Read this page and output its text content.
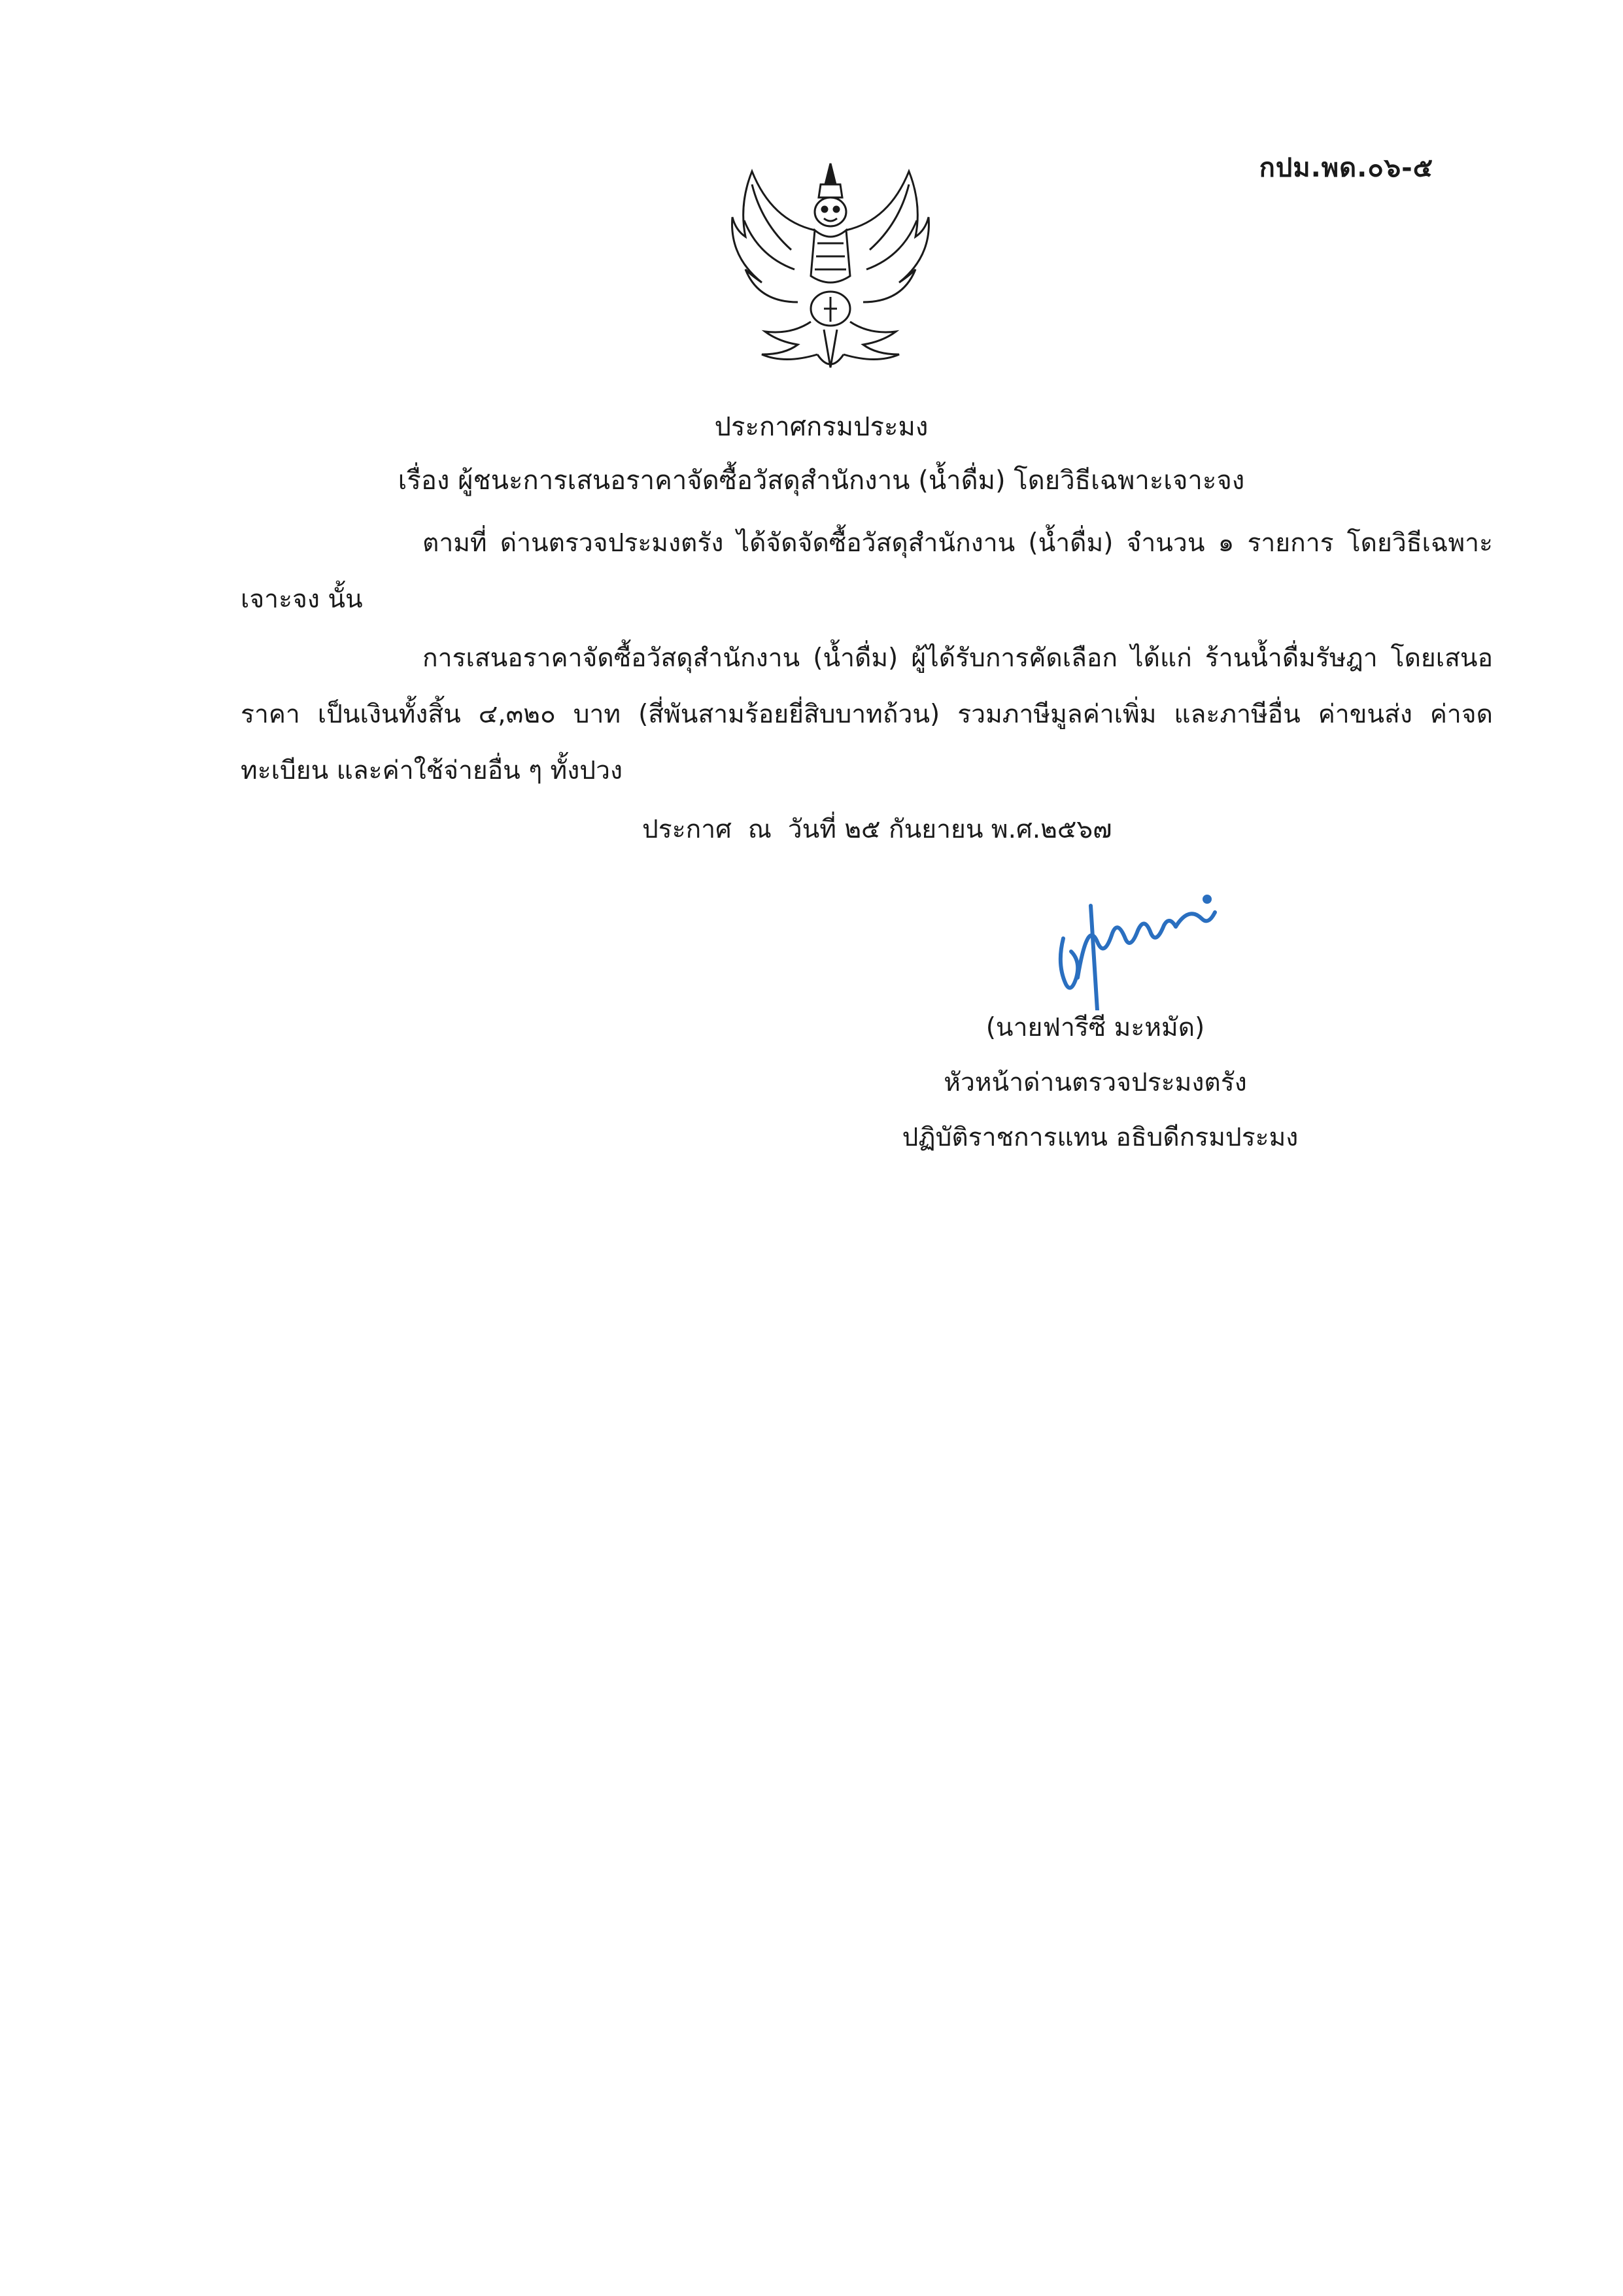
กปม.พด.๐๖-๕
ประกาศกรมประมง
เรื่อง ผู้ชนะการเสนอราคาจัดซื้อวัสดุสำนักงาน (น้ำดื่ม) โดยวิธีเฉพาะเจาะจง
ตามที่ ด่านตรวจประมงตรัง ได้จัดจัดซื้อวัสดุสำนักงาน (น้ำดื่ม) จำนวน ๑ รายการ โดยวิธีเฉพาะเจาะจง นั้น
การเสนอราคาจัดซื้อวัสดุสำนักงาน (น้ำดื่ม) ผู้ได้รับการคัดเลือก ได้แก่ ร้านน้ำดื่มรัษฎา โดยเสนอราคา เป็นเงินทั้งสิ้น ๔,๓๒๐ บาท (สี่พันสามร้อยยี่สิบบาทถ้วน) รวมภาษีมูลค่าเพิ่ม และภาษีอื่น ค่าขนส่ง ค่าจดทะเบียน และค่าใช้จ่ายอื่น ๆ ทั้งปวง
ประกาศ  ณ  วันที่ ๒๕ กันยายน พ.ศ.๒๕๖๗
(นายฟารีซี มะหมัด)
หัวหน้าด่านตรวจประมงตรัง
ปฏิบัติราชการแทน อธิบดีกรมประมง
